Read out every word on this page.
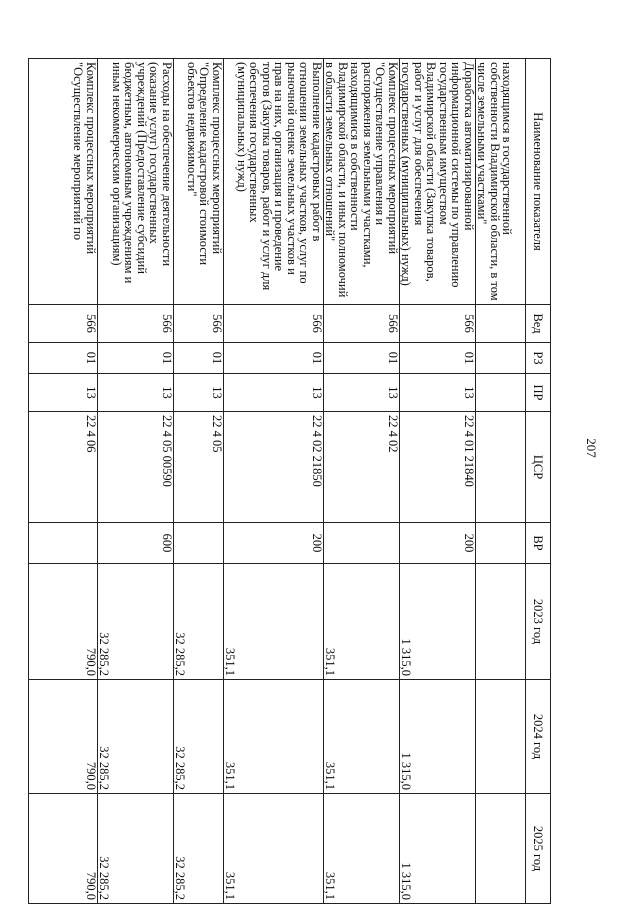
207
Наименование показателя	Вед	РЗ	ПР	ЦСР	ВР	2023 год	2024 год	2025 год
находящимся в государственной собственности Владимирской области, в том числе земельными участками"								
Доработка автоматизированной информационной системы по управлению государственным имуществом Владимирской области (Закупка товаров, работ и услуг для обеспечения государственных (муниципальных) нужд)	566	01	13	22 4 01 21840	200	1 315,0	1 315,0	1 315,0
Комплекс процессных мероприятий "Осуществление управления и распоряжения земельными участками, находящимися в собственности Владимирской области, и иных полномочий в области земельных отношений"	566	01	13	22 4 02		351,1	351,1	351,1
Выполнение кадастровых работ в отношении земельных участков, услуг по рыночной оценке земельных участков и прав на них, организация и проведение торгов (Закупка товаров, работ и услуг для обеспечения государственных (муниципальных) нужд)	566	01	13	22 4 02 21850	200	351,1	351,1	351,1
Комплекс процессных мероприятий "Определение кадастровой стоимости объектов недвижимости"	566	01	13	22 4 05		32 285,2	32 285,2	32 285,2
Расходы на обеспечение деятельности (оказание услуг) государственных учреждений (Предоставление субсидий бюджетным, автономным учреждениям и иным некоммерческим организациям)	566	01	13	22 4 05 00590	600	32 285,2	32 285,2	32 285,2
Комплекс процессных мероприятий "Осуществление мероприятий по	566	01	13	22 4 06		790,0	790,0	790,0
